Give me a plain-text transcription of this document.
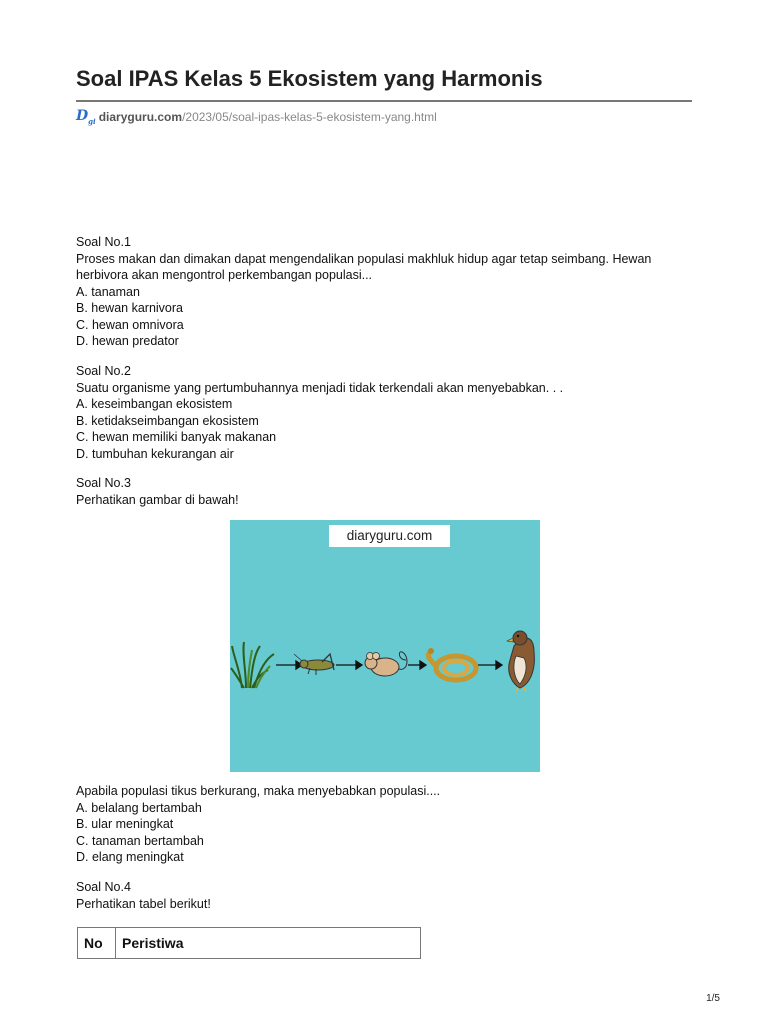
Soal IPAS Kelas 5 Ekosistem yang Harmonis
$D_{gi}$ diaryguru.com/2023/05/soal-ipas-kelas-5-ekosistem-yang.html

Soal No.1

Proses makan dan dimakan dapat mengendalikan populasi makhluk hidup agar tetap seimbang. Hewan

herbivora akan mengontrol perkembangan populasi...

A. tanaman

B. hewan karnivora

C. hewan omnivora

D. hewan predator

Soal No.2

Suatu organisme yang pertumbuhannya menjadi tidak terkendali akan menyebabkan. . .

A. keseimbangan ekosistem

B. ketidakseimbangan ekosistem

C. hewan memiliki banyak makanan

D. tumbuhan kekurangan air

Soal No.3

Perhatikan gambar di bawah!

diaryguru.com

Apabila populasi tikus berkurang, maka menyebabkan populasi....

A. belalang bertambah

B. ular meningkat

C. tanaman bertambah

D. elang meningkat

Soal No.4

Perhatikan tabel berikut!

No	Peristiwa
1/5
